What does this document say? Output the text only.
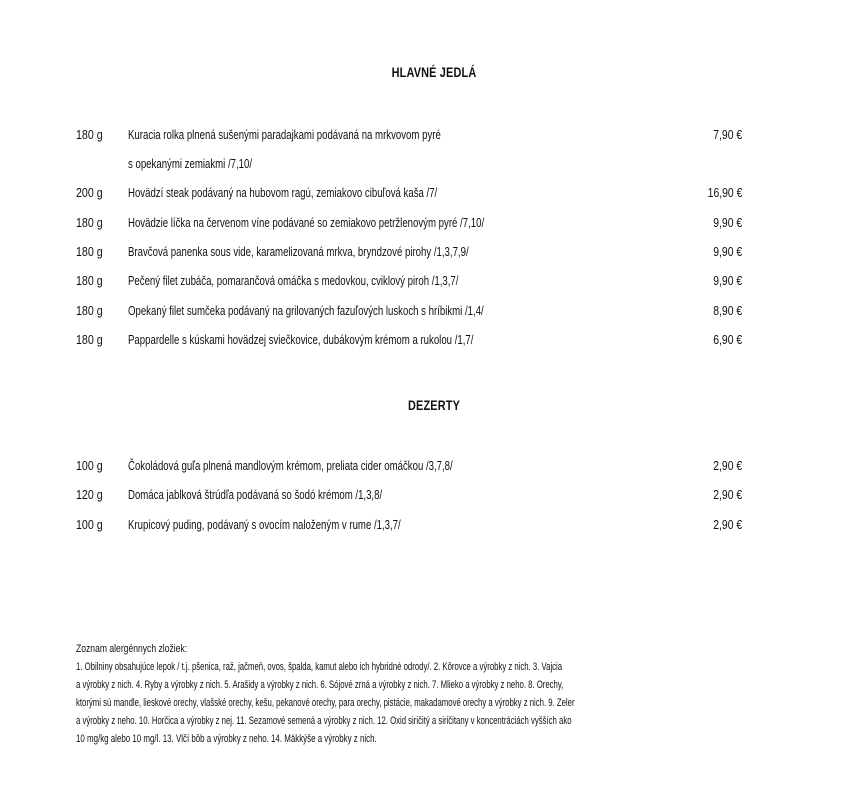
HLAVNÉ JEDLÁ
180 g Kuracia rolka plnená sušenými paradajkami podávaná na mrkvovom pyré	7,90 €
s opekanými zemiakmi /7,10/
200 g Hovädzí steak podávaný na hubovom ragú, zemiakovo cibuľová kaša /7/	16,90 €
180 g Hovädzie líčka na červenom víne podávané so zemiakovo petržlenovým pyré /7,10/	9,90 €
180 g Bravčová panenka sous vide, karamelizovaná mrkva, bryndzové pirohy /1,3,7,9/	9,90 €
180 g Pečený filet zubáča, pomarančová omáčka s medovkou, cviklový piroh /1,3,7/	9,90 €
180 g Opekaný filet sumčeka podávaný na grilovaných fazuľových luskoch s hríbikmi /1,4/	8,90 €
180 g Pappardelle s kúskami hovädzej sviečkovice, dubákovým krémom a rukolou /1,7/	6,90 €
DEZERTY
100 g Čokoládová guľa plnená mandlovým krémom, preliata cider omáčkou /3,7,8/	2,90 €
120 g Domáca jablková štrúdľa podávaná so šodó krémom /1,3,8/	2,90 €
100 g Krupicový puding, podávaný s ovocím naloženým v rume /1,3,7/	2,90 €
Zoznam alergénnych zložiek:
1. Obilniny obsahujúce lepok / t.j. pšenica, raž, jačmeň, ovos, špalda, kamut alebo ich hybridné odrody/. 2. Kôrovce a výrobky z nich. 3. Vajcia
a výrobky z nich. 4. Ryby a výrobky z nich. 5. Arašidy a výrobky z nich. 6. Sójové zrná a výrobky z nich. 7. Mlieko a výrobky z neho. 8. Orechy,
ktorými sú mandle, lieskové orechy, vlašské orechy, kešu, pekanové orechy, para orechy, pistácie, makadamové orechy a výrobky z nich. 9. Zeler
a výrobky z neho. 10. Horčica a výrobky z nej. 11. Sezamové semená a výrobky z nich. 12. Oxid siričitý a siričitany v koncentráciách vyšších ako
10 mg/kg alebo 10 mg/l. 13. Vlčí bôb a výrobky z neho. 14. Mäkkýše a výrobky z nich.
